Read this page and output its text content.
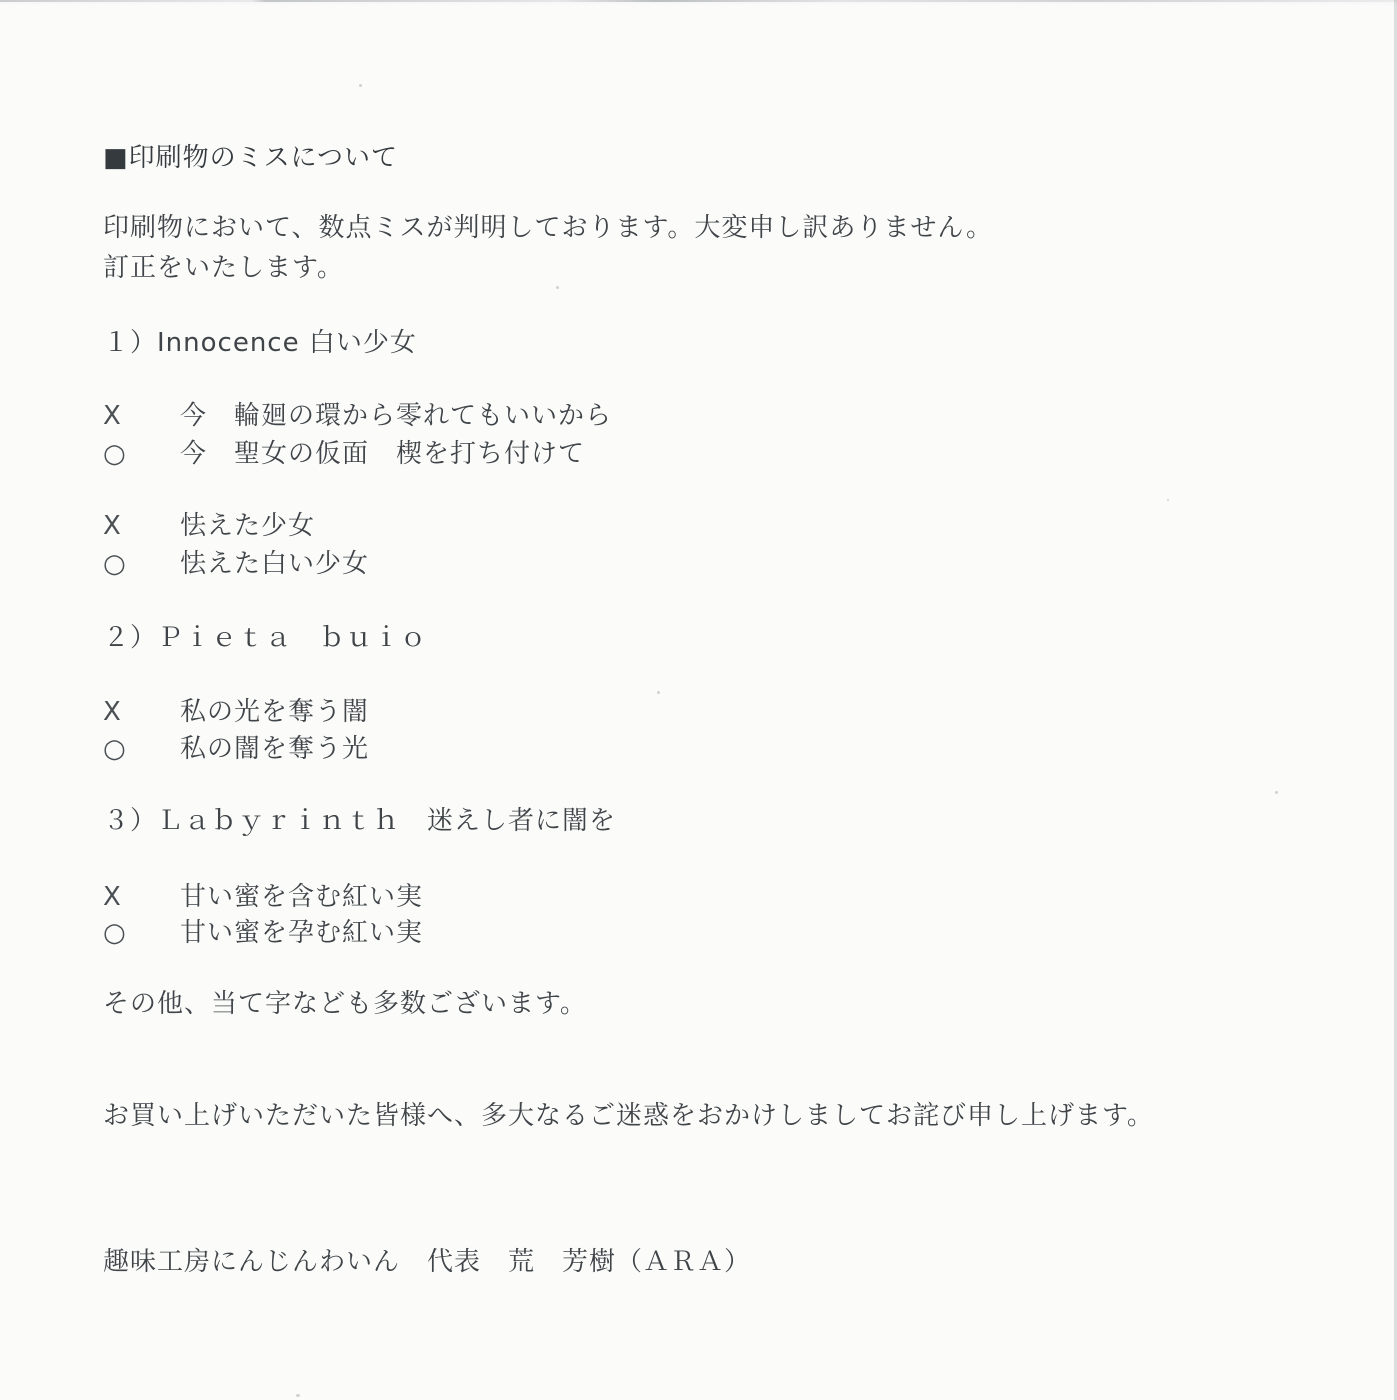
■印刷物のミスについて
印刷物において、数点ミスが判明しております。大変申し訳ありません。
訂正をいたします。
１）Innocence 白い少女
X	今　輪廻の環から零れてもいいから
○	今　聖女の仮面　楔を打ち付けて
X	怯えた少女
○	怯えた白い少女
２）Ｐｉｅｔａ　ｂｕｉｏ
X	私の光を奪う闇
○	私の闇を奪う光
３）Ｌａｂｙｒｉｎｔｈ　迷えし者に闇を
X	甘い蜜を含む紅い実
○	甘い蜜を孕む紅い実
その他、当て字なども多数ございます。
お買い上げいただいた皆様へ、多大なるご迷惑をおかけしましてお詫び申し上げます。
趣味工房にんじんわいん　代表　荒　芳樹（ＡＲＡ）
